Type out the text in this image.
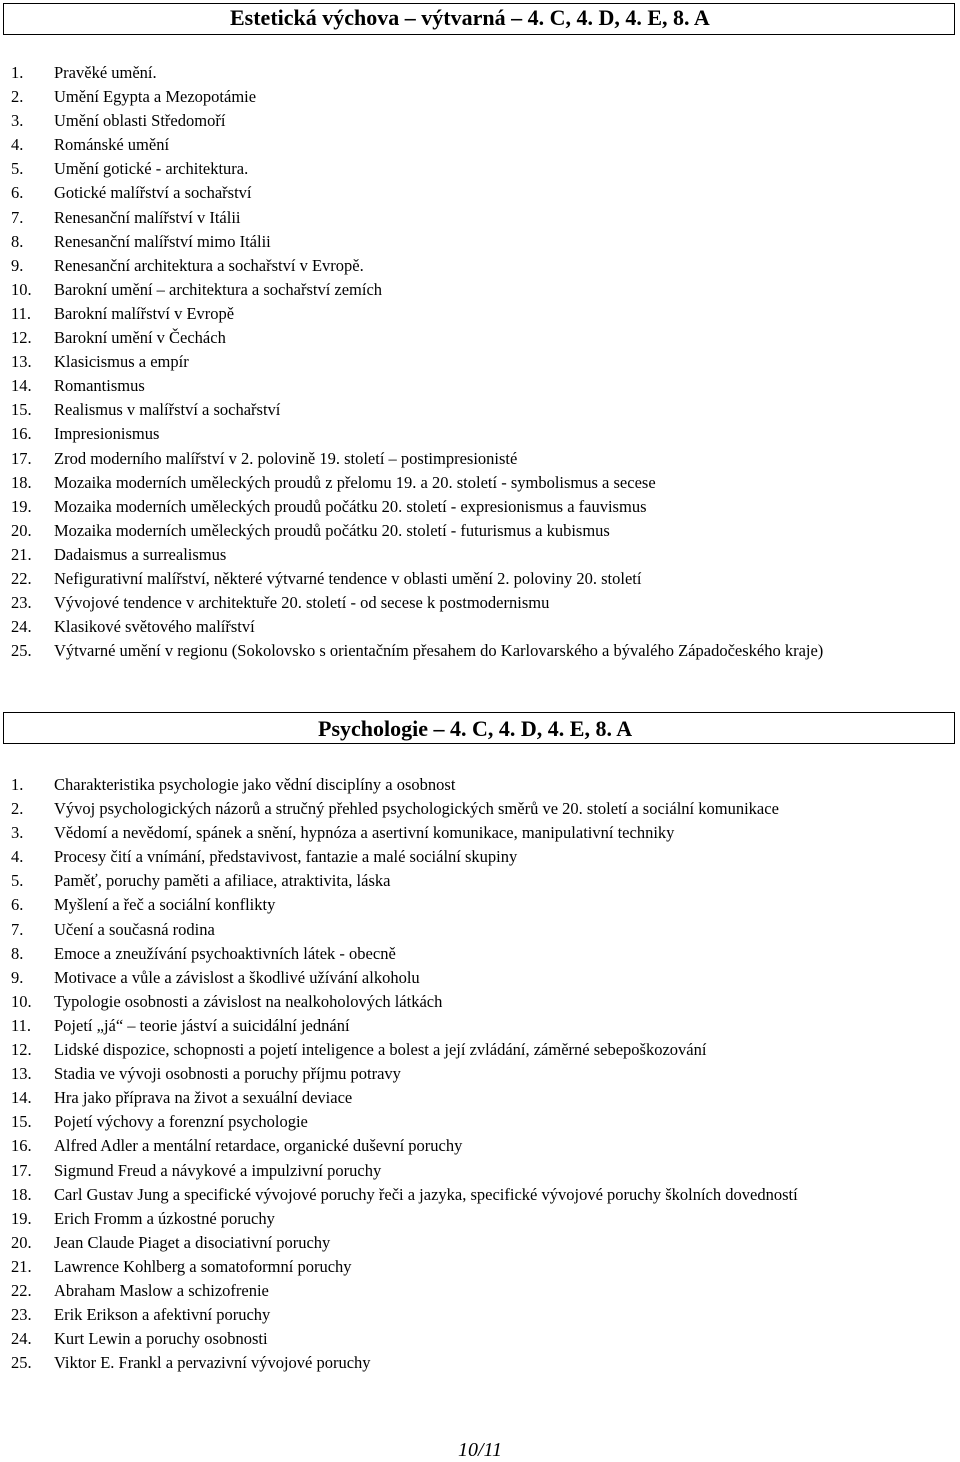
Estetická výchova – výtvarná – 4. C, 4. D, 4. E, 8. A
1.	Pravěké umění.
2.	Umění Egypta a Mezopotámie
3.	Umění oblasti Středomoří
4.	Románské umění
5.	Umění gotické - architektura.
6.	Gotické malířství a sochařství
7.	Renesanční malířství v Itálii
8.	Renesanční malířství mimo Itálii
9.	Renesanční architektura a sochařství v Evropě.
10.	Barokní umění – architektura a sochařství zemích
11.	Barokní malířství v Evropě
12.	Barokní umění v Čechách
13.	Klasicismus a empír
14.	Romantismus
15.	Realismus v malířství a sochařství
16.	Impresionismus
17.	Zrod moderního malířství v 2. polovině 19. století – postimpresionisté
18.	Mozaika moderních uměleckých proudů z přelomu 19. a 20. století - symbolismus a secese
19.	Mozaika moderních uměleckých proudů počátku 20. století - expresionismus a fauvismus
20.	Mozaika moderních uměleckých proudů počátku 20. století - futurismus a kubismus
21.	Dadaismus a surrealismus
22.	Nefigurativní malířství, některé výtvarné tendence v oblasti umění 2. poloviny 20. století
23.	Vývojové tendence v architektuře 20. století - od secese k postmodernismu
24.	Klasikové světového malířství
25.	Výtvarné umění v regionu (Sokolovsko s orientačním přesahem do Karlovarského a bývalého Západočeského kraje)
Psychologie – 4. C, 4. D, 4. E, 8. A
1.	Charakteristika psychologie jako vědní disciplíny a osobnost
2.	Vývoj psychologických názorů a stručný přehled psychologických směrů ve 20. století a sociální komunikace
3.	Vědomí a nevědomí, spánek a snění, hypnóza a asertivní komunikace, manipulativní techniky
4.	Procesy čití a vnímání, představivost, fantazie a malé sociální skupiny
5.	Paměť, poruchy paměti a afiliace, atraktivita, láska
6.	Myšlení a řeč a sociální konflikty
7.	Učení a současná rodina
8.	Emoce a zneužívání psychoaktivních látek - obecně
9.	Motivace a vůle a závislost a škodlivé užívání alkoholu
10.	Typologie osobnosti a závislost na nealkoholových látkách
11.	Pojetí „já“ – teorie jáství a suicidální jednání
12.	Lidské dispozice, schopnosti a pojetí inteligence a bolest a její zvládání, záměrné sebepoškozování
13.	Stadia ve vývoji osobnosti a poruchy příjmu potravy
14.	Hra jako příprava na život a sexuální deviace
15.	Pojetí výchovy a forenzní psychologie
16.	Alfred Adler a mentální retardace, organické duševní poruchy
17.	Sigmund Freud a návykové a impulzivní poruchy
18.	Carl Gustav Jung a specifické vývojové poruchy řeči a jazyka, specifické vývojové poruchy školních dovedností
19.	Erich Fromm a úzkostné poruchy
20.	Jean Claude Piaget a disociativní poruchy
21.	Lawrence Kohlberg a somatoformní poruchy
22.	Abraham Maslow a schizofrenie
23.	Erik Erikson a afektivní poruchy
24.	Kurt Lewin a poruchy osobnosti
25.	Viktor E. Frankl a pervazivní vývojové poruchy
10/11
